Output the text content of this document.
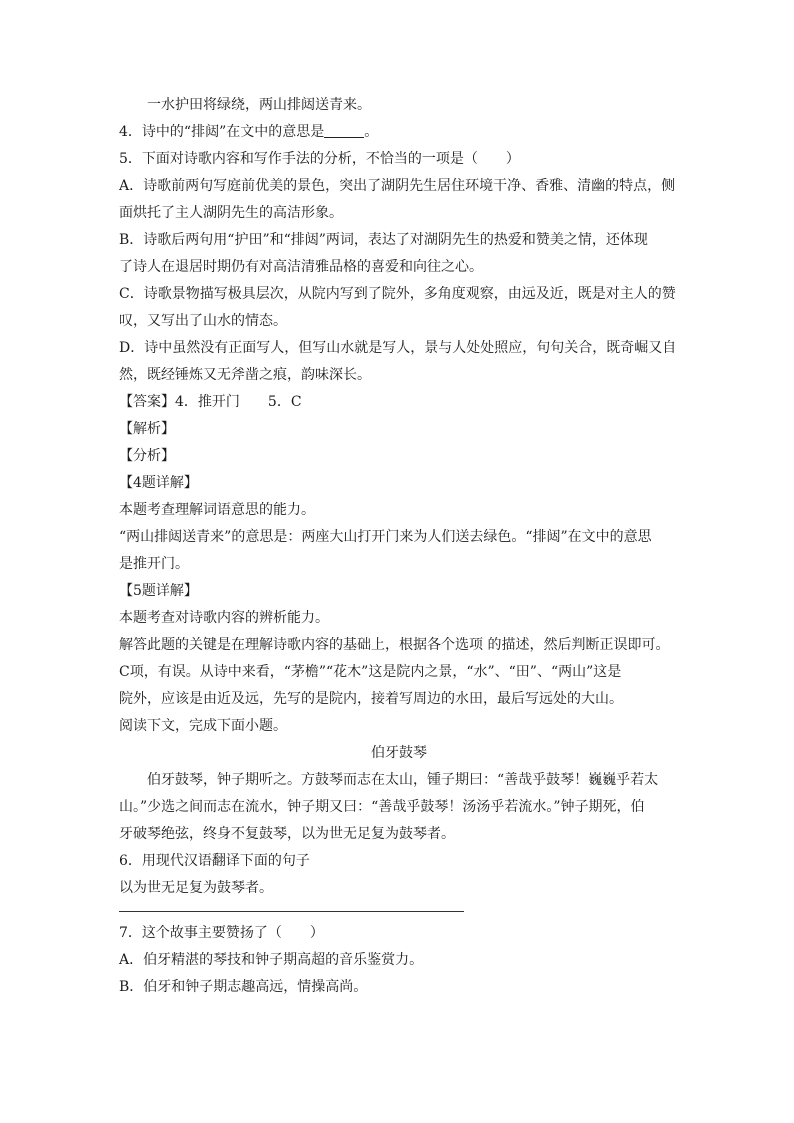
一水护田将绿绕，两山排闼送青来。
4．诗中的“排闼”在文中的意思是	。
5．下面对诗歌内容和写作手法的分析，不恰当的一项是（　　）
A．诗歌前两句写庭前优美的景色，突出了湖阴先生居住环境干净、香雅、清幽的特点，侧
面烘托了主人湖阴先生的高洁形象。
B．诗歌后两句用“护田”和“排闼”两词，表达了对湖阴先生的热爱和赞美之情，还体现
了诗人在退居时期仍有对高洁清雅品格的喜爱和向往之心。
C．诗歌景物描写极具层次，从院内写到了院外，多角度观察，由远及近，既是对主人的赞
叹，又写出了山水的情态。
D．诗中虽然没有正面写人，但写山水就是写人，景与人处处照应，句句关合，既奇崛又自
然，既经锤炼又无斧凿之痕，韵味深长。
【答案】4．推开门　　5．C
【解析】
【分析】
【4题详解】
本题考查理解词语意思的能力。
“两山排闼送青来”的意思是：两座大山打开门来为人们送去绿色。“排闼”在文中的意思
是推开门。
【5题详解】
本题考查对诗歌内容的辨析能力。
解答此题的关键是在理解诗歌内容的基础上，根据各个选项 的描述，然后判断正误即可。
C项，有误。从诗中来看，“茅檐”“花木”这是院内之景，“水”、“田”、“两山”这是
院外，应该是由近及远，先写的是院内，接着写周边的水田，最后写远处的大山。
阅读下文，完成下面小题。
伯牙鼓琴
伯牙鼓琴，钟子期听之。方鼓琴而志在太山，锺子期曰：“善哉乎鼓琴！巍巍乎若太
山。”少选之间而志在流水，钟子期又曰：“善哉乎鼓琴！汤汤乎若流水。”钟子期死，伯
牙破琴绝弦，终身不复鼓琴，以为世无足复为鼓琴者。
6．用现代汉语翻译下面的句子
以为世无足复为鼓琴者。
7．这个故事主要赞扬了（　　）
A．伯牙精湛的琴技和钟子期高超的音乐鉴赏力。
B．伯牙和钟子期志趣高远，情操高尚。
